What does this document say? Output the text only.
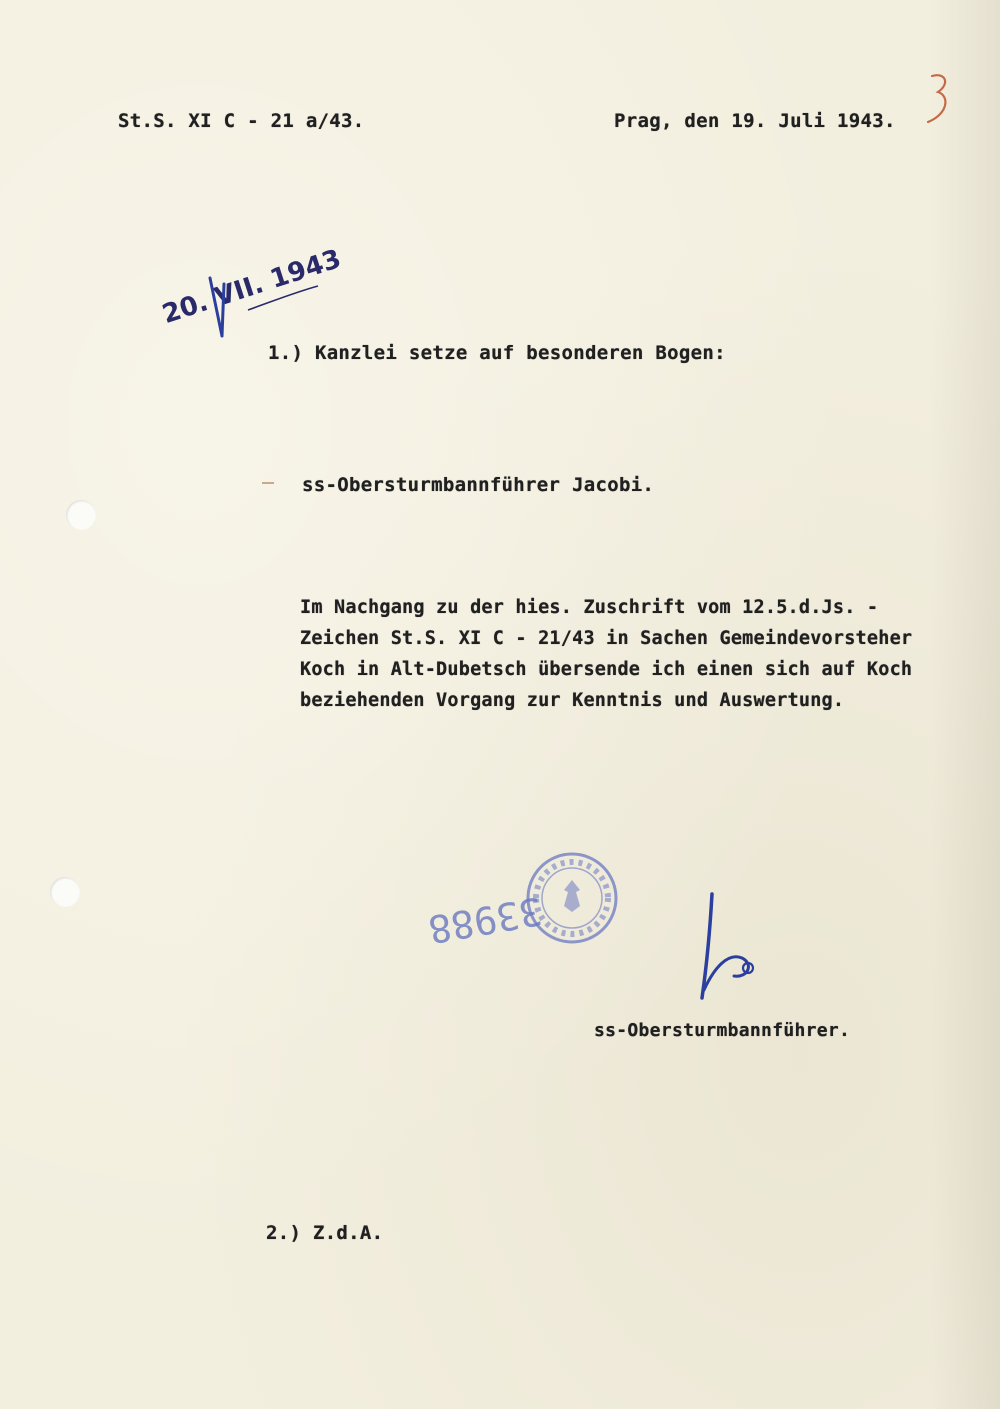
St.S. XI C - 21 a/43.	Prag, den 19. Juli 1943.
20. VII. 1943
1.) Kanzlei setze auf besonderen Bogen:
ss-Obersturmbannführer Jacobi.
Im Nachgang zu der hies. Zuschrift vom 12.5.d.Js. -
Zeichen St.S. XI C - 21/43 in Sachen Gemeindevorsteher
Koch in Alt-Dubetsch übersende ich einen sich auf Koch
beziehenden Vorgang zur Kenntnis und Auswertung.
33988
ss-Obersturmbannführer.
2.) Z.d.A.
